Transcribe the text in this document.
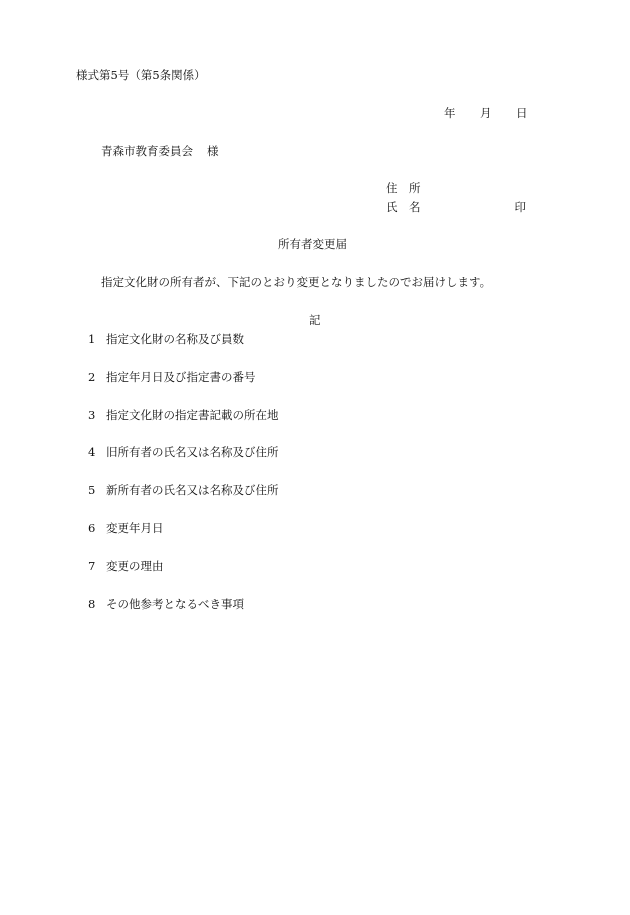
様式第5号（第5条関係）
年 月 日
青森市教育委員会 様
住 所
氏 名	印
所有者変更届
指定文化財の所有者が、下記のとおり変更となりましたのでお届けします。
記
1 指定文化財の名称及び員数
2 指定年月日及び指定書の番号
3 指定文化財の指定書記載の所在地
4 旧所有者の氏名又は名称及び住所
5 新所有者の氏名又は名称及び住所
6 変更年月日
7 変更の理由
8 その他参考となるべき事項
